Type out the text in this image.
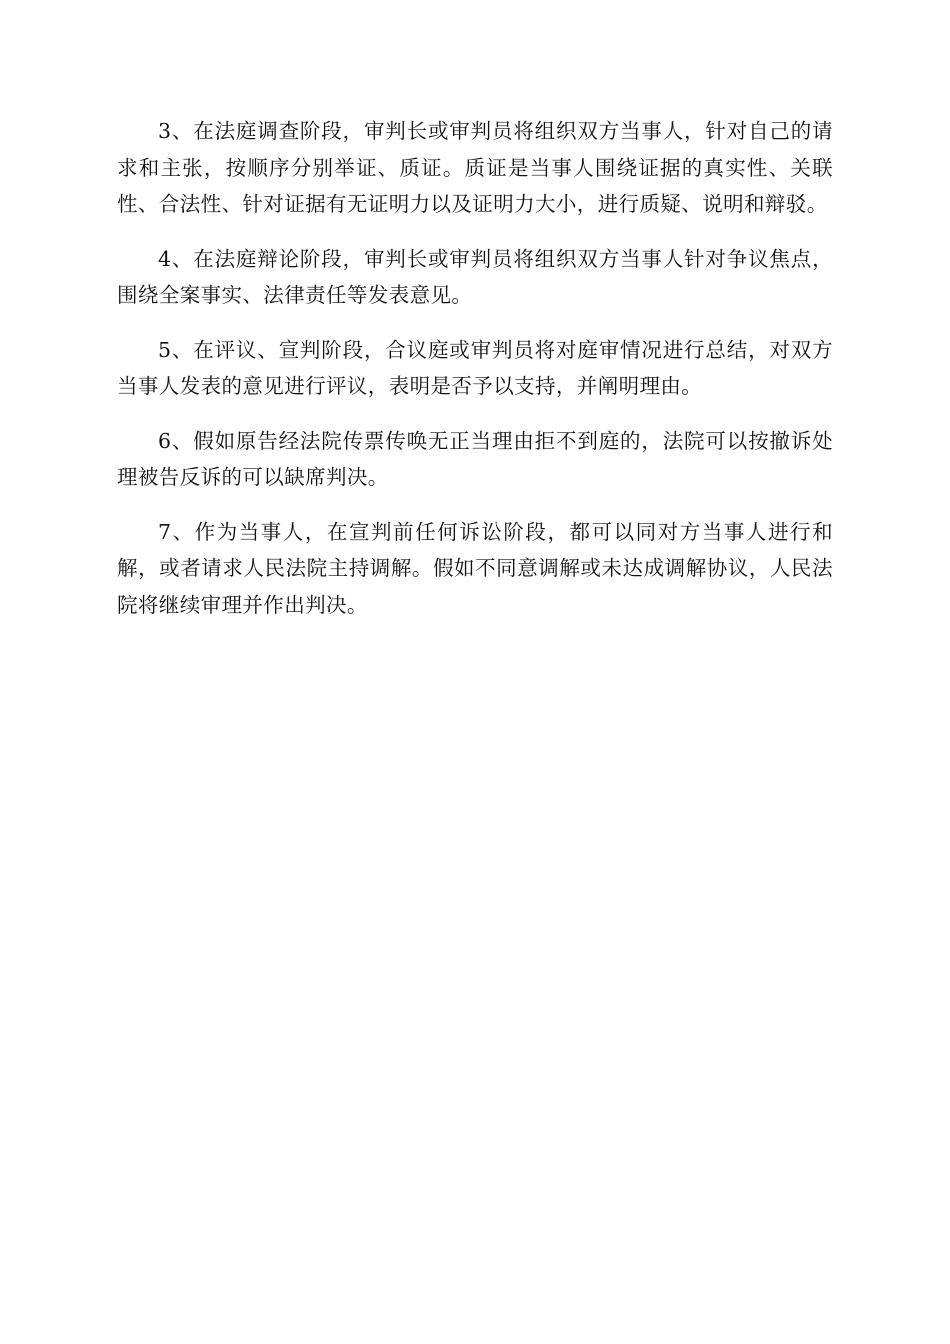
3、在法庭调查阶段，审判长或审判员将组织双方当事人，针对自己的请求和主张，按顺序分别举证、质证。质证是当事人围绕证据的真实性、关联性、合法性、针对证据有无证明力以及证明力大小，进行质疑、说明和辩驳。

4、在法庭辩论阶段，审判长或审判员将组织双方当事人针对争议焦点，围绕全案事实、法律责任等发表意见。

5、在评议、宣判阶段，合议庭或审判员将对庭审情况进行总结，对双方当事人发表的意见进行评议，表明是否予以支持，并阐明理由。

6、假如原告经法院传票传唤无正当理由拒不到庭的，法院可以按撤诉处理被告反诉的可以缺席判决。

7、作为当事人，在宣判前任何诉讼阶段，都可以同对方当事人进行和解，或者请求人民法院主持调解。假如不同意调解或未达成调解协议，人民法院将继续审理并作出判决。
